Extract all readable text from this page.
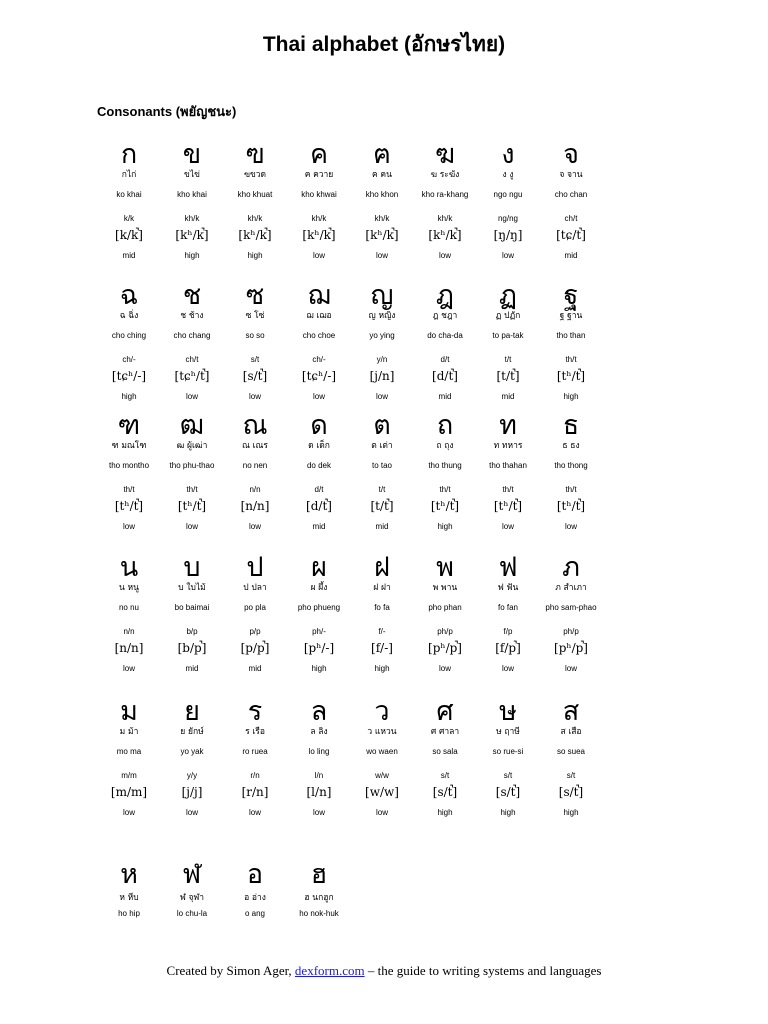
Thai alphabet (อักษรไทย)
Consonants (พยัญชนะ)
ก
กไก่
ko khai
k/k
[k/k̚]
mid
ข
ขไข่
kho khai
kh/k
[kʰ/k̚]
high
ฃ
ฃขวด
kho khuat
kh/k
[kʰ/k̚]
high
ค
ค ควาย
kho khwai
kh/k
[kʰ/k̚]
low
ฅ
ฅ คน
kho khon
kh/k
[kʰ/k̚]
low
ฆ
ฆ ระฆัง
kho ra-khang
kh/k
[kʰ/k̚]
low
ง
ง งู
ngo ngu
ng/ng
[ŋ/ŋ]
low
จ
จ จาน
cho chan
ch/t
[tɕ/t̚]
mid
ฉ
ฉ ฉิ่ง
cho ching
ch/-
[tɕʰ/-]
high
ช
ช ช้าง
cho chang
ch/t
[tɕʰ/t̚]
low
ซ
ซ โซ่
so so
s/t
[s/t̚]
low
ฌ
ฌ เฌอ
cho choe
ch/-
[tɕʰ/-]
low
ญ
ญ หญิง
yo ying
y/n
[j/n]
low
ฎ
ฎ ชฎา
do cha-da
d/t
[d/t̚]
mid
ฏ
ฏ ปฏัก
to pa-tak
t/t
[t/t̚]
mid
ฐ
ฐ ฐาน
tho than
th/t
[tʰ/t̚]
high
ฑ
ฑ มณโฑ
tho montho
th/t
[tʰ/t̚]
low
ฒ
ฒ ผู้เฒ่า
tho phu-thao
th/t
[tʰ/t̚]
low
ณ
ณ เณร
no nen
n/n
[n/n]
low
ด
ด เด็ก
do dek
d/t
[d/t̚]
mid
ต
ต เต่า
to tao
t/t
[t/t̚]
mid
ถ
ถ ถุง
tho thung
th/t
[tʰ/t̚]
high
ท
ท ทหาร
tho thahan
th/t
[tʰ/t̚]
low
ธ
ธ ธง
tho thong
th/t
[tʰ/t̚]
low
น
น หนู
no nu
n/n
[n/n]
low
บ
บ ใบไม้
bo baimai
b/p
[b/p̚]
mid
ป
ป ปลา
po pla
p/p
[p/p̚]
mid
ผ
ผ ผึ้ง
pho phueng
ph/-
[pʰ/-]
high
ฝ
ฝ ฝา
fo fa
f/-
[f/-]
high
พ
พ พาน
pho phan
ph/p
[pʰ/p̚]
low
ฟ
ฟ ฟัน
fo fan
f/p
[f/p̚]
low
ภ
ภ สำเภา
pho sam-phao
ph/p
[pʰ/p̚]
low
ม
ม ม้า
mo ma
m/m
[m/m]
low
ย
ย ยักษ์
yo yak
y/y
[j/j]
low
ร
ร เรือ
ro ruea
r/n
[r/n]
low
ล
ล ลิง
lo ling
l/n
[l/n]
low
ว
ว แหวน
wo waen
w/w
[w/w]
low
ศ
ศ ศาลา
so sala
s/t
[s/t̚]
high
ษ
ษ ฤาษี
so rue-si
s/t
[s/t̚]
high
ส
ส เสือ
so suea
s/t
[s/t̚]
high
ห
ห หีบ
ho hip
ฬ
ฬ จุฬา
lo chu-la
อ
อ อ่าง
o ang
ฮ
ฮ นกฮูก
ho nok-huk
Created by Simon Ager, dexform.com – the guide to writing systems and languages
